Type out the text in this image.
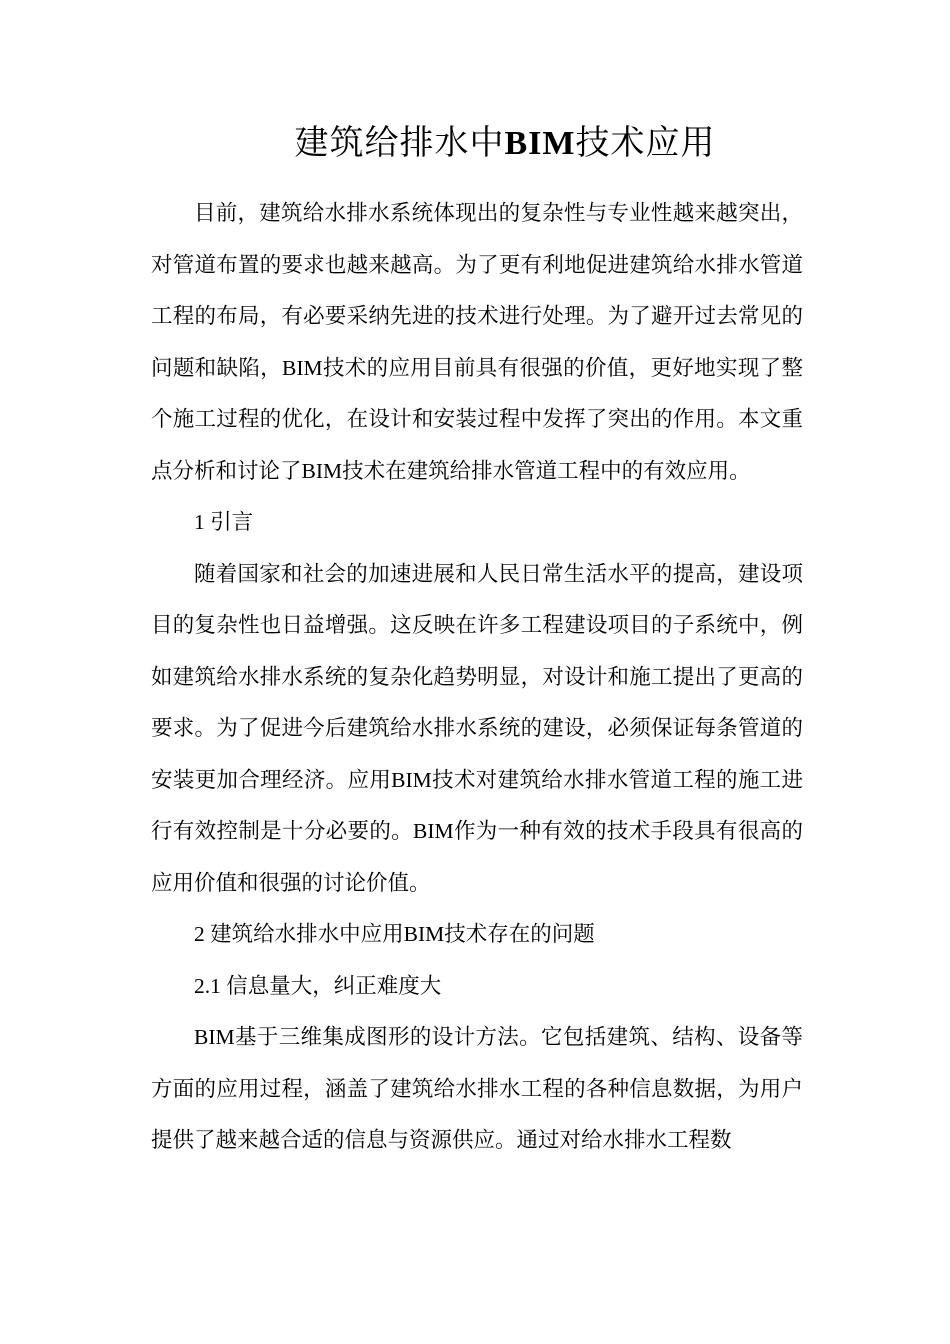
建筑给排水中BIM技术应用

目前，建筑给水排水系统体现出的复杂性与专业性越来越突出，对管道布置的要求也越来越高。为了更有利地促进建筑给水排水管道工程的布局，有必要采纳先进的技术进行处理。为了避开过去常见的问题和缺陷，BIM技术的应用目前具有很强的价值，更好地实现了整个施工过程的优化，在设计和安装过程中发挥了突出的作用。本文重点分析和讨论了BIM技术在建筑给排水管道工程中的有效应用。

1 引言

随着国家和社会的加速进展和人民日常生活水平的提高，建设项目的复杂性也日益增强。这反映在许多工程建设项目的子系统中，例如建筑给水排水系统的复杂化趋势明显，对设计和施工提出了更高的要求。为了促进今后建筑给水排水系统的建设，必须保证每条管道的安装更加合理经济。应用BIM技术对建筑给水排水管道工程的施工进行有效控制是十分必要的。BIM作为一种有效的技术手段具有很高的应用价值和很强的讨论价值。

2 建筑给水排水中应用BIM技术存在的问题

2.1 信息量大，纠正难度大

BIM基于三维集成图形的设计方法。它包括建筑、结构、设备等方面的应用过程，涵盖了建筑给水排水工程的各种信息数据，为用户提供了越来越合适的信息与资源供应。通过对给水排水工程数
